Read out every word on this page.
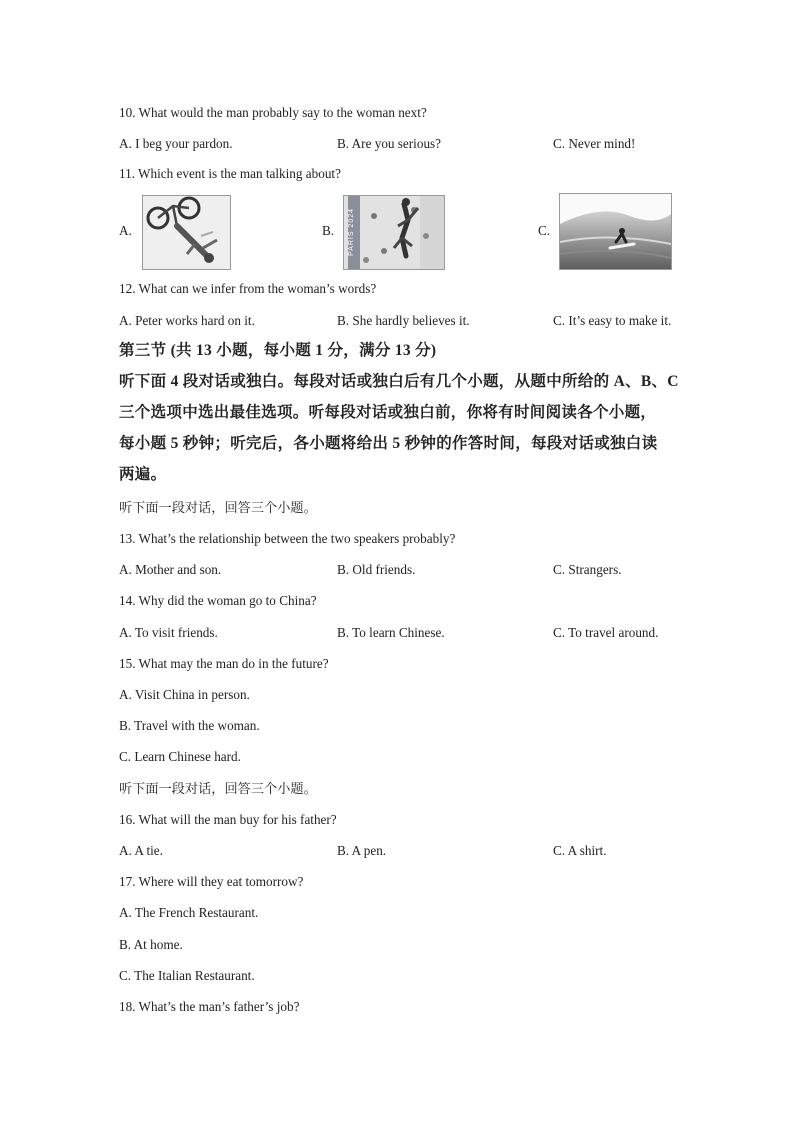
10. What would the man probably say to the woman next?
A. I beg your pardon.	B. Are you serious?	C. Never mind!
11. Which event is the man talking about?
A.	B. PARIS 2024	C.
12. What can we infer from the woman’s words?
A. Peter works hard on it.	B. She hardly believes it.	C. It’s easy to make it.
第三节 (共 13 小题，每小题 1 分，满分 13 分)
听下面 4 段对话或独白。每段对话或独白后有几个小题，从题中所给的 A、B、C
三个选项中选出最佳选项。听每段对话或独白前，你将有时间阅读各个小题，
每小题 5 秒钟；听完后，各小题将给出 5 秒钟的作答时间，每段对话或独白读
两遍。
听下面一段对话，回答三个小题。
13. What’s the relationship between the two speakers probably?
A. Mother and son.	B. Old friends.	C. Strangers.
14. Why did the woman go to China?
A. To visit friends.	B. To learn Chinese.	C. To travel around.
15. What may the man do in the future?
A. Visit China in person.
B. Travel with the woman.
C. Learn Chinese hard.
听下面一段对话，回答三个小题。
16. What will the man buy for his father?
A. A tie.	B. A pen.	C. A shirt.
17. Where will they eat tomorrow?
A. The French Restaurant.
B. At home.
C. The Italian Restaurant.
18. What’s the man’s father’s job?
